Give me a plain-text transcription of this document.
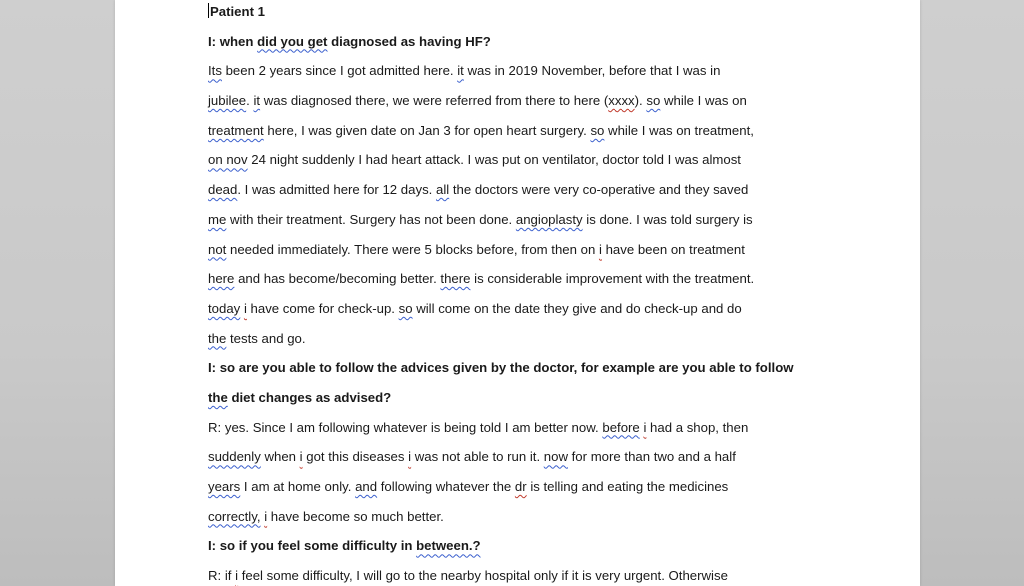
Patient 1
I: when did you get diagnosed as having HF?
Its been 2 years since I got admitted here. it was in 2019 November, before that I was in
jubilee. it was diagnosed there, we were referred from there to here (xxxx). so while I was on
treatment here, I was given date on Jan 3 for open heart surgery. so while I was on treatment,
on nov 24 night suddenly I had heart attack. I was put on ventilator, doctor told I was almost
dead. I was admitted here for 12 days. all the doctors were very co-operative and they saved
me with their treatment. Surgery has not been done. angioplasty is done. I was told surgery is
not needed immediately. There were 5 blocks before, from then on i have been on treatment
here and has become/becoming better. there is considerable improvement with the treatment.
today i have come for check-up. so will come on the date they give and do check-up and do
the tests and go.
I: so are you able to follow the advices given by the doctor, for example are you able to follow
the diet changes as advised?
R: yes. Since I am following whatever is being told I am better now. before i had a shop, then
suddenly when i got this diseases i was not able to run it. now for more than two and a half
years I am at home only. and following whatever the dr is telling and eating the medicines
correctly, i have become so much better.
I: so if you feel some difficulty in between.?
R: if i feel some difficulty, I will go to the nearby hospital only if it is very urgent. Otherwise
